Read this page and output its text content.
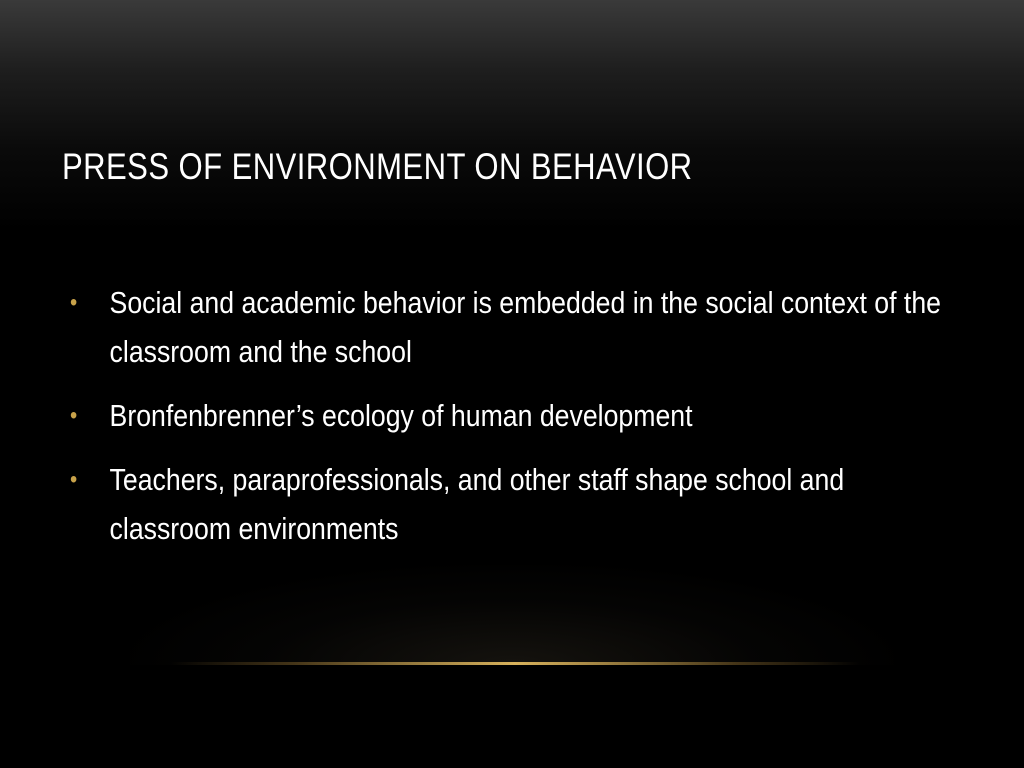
PRESS OF ENVIRONMENT ON BEHAVIOR
• Social and academic behavior is embedded in the social context of the classroom and the school
• Bronfenbrenner’s ecology of human development
• Teachers, paraprofessionals, and other staff shape school and classroom environments
